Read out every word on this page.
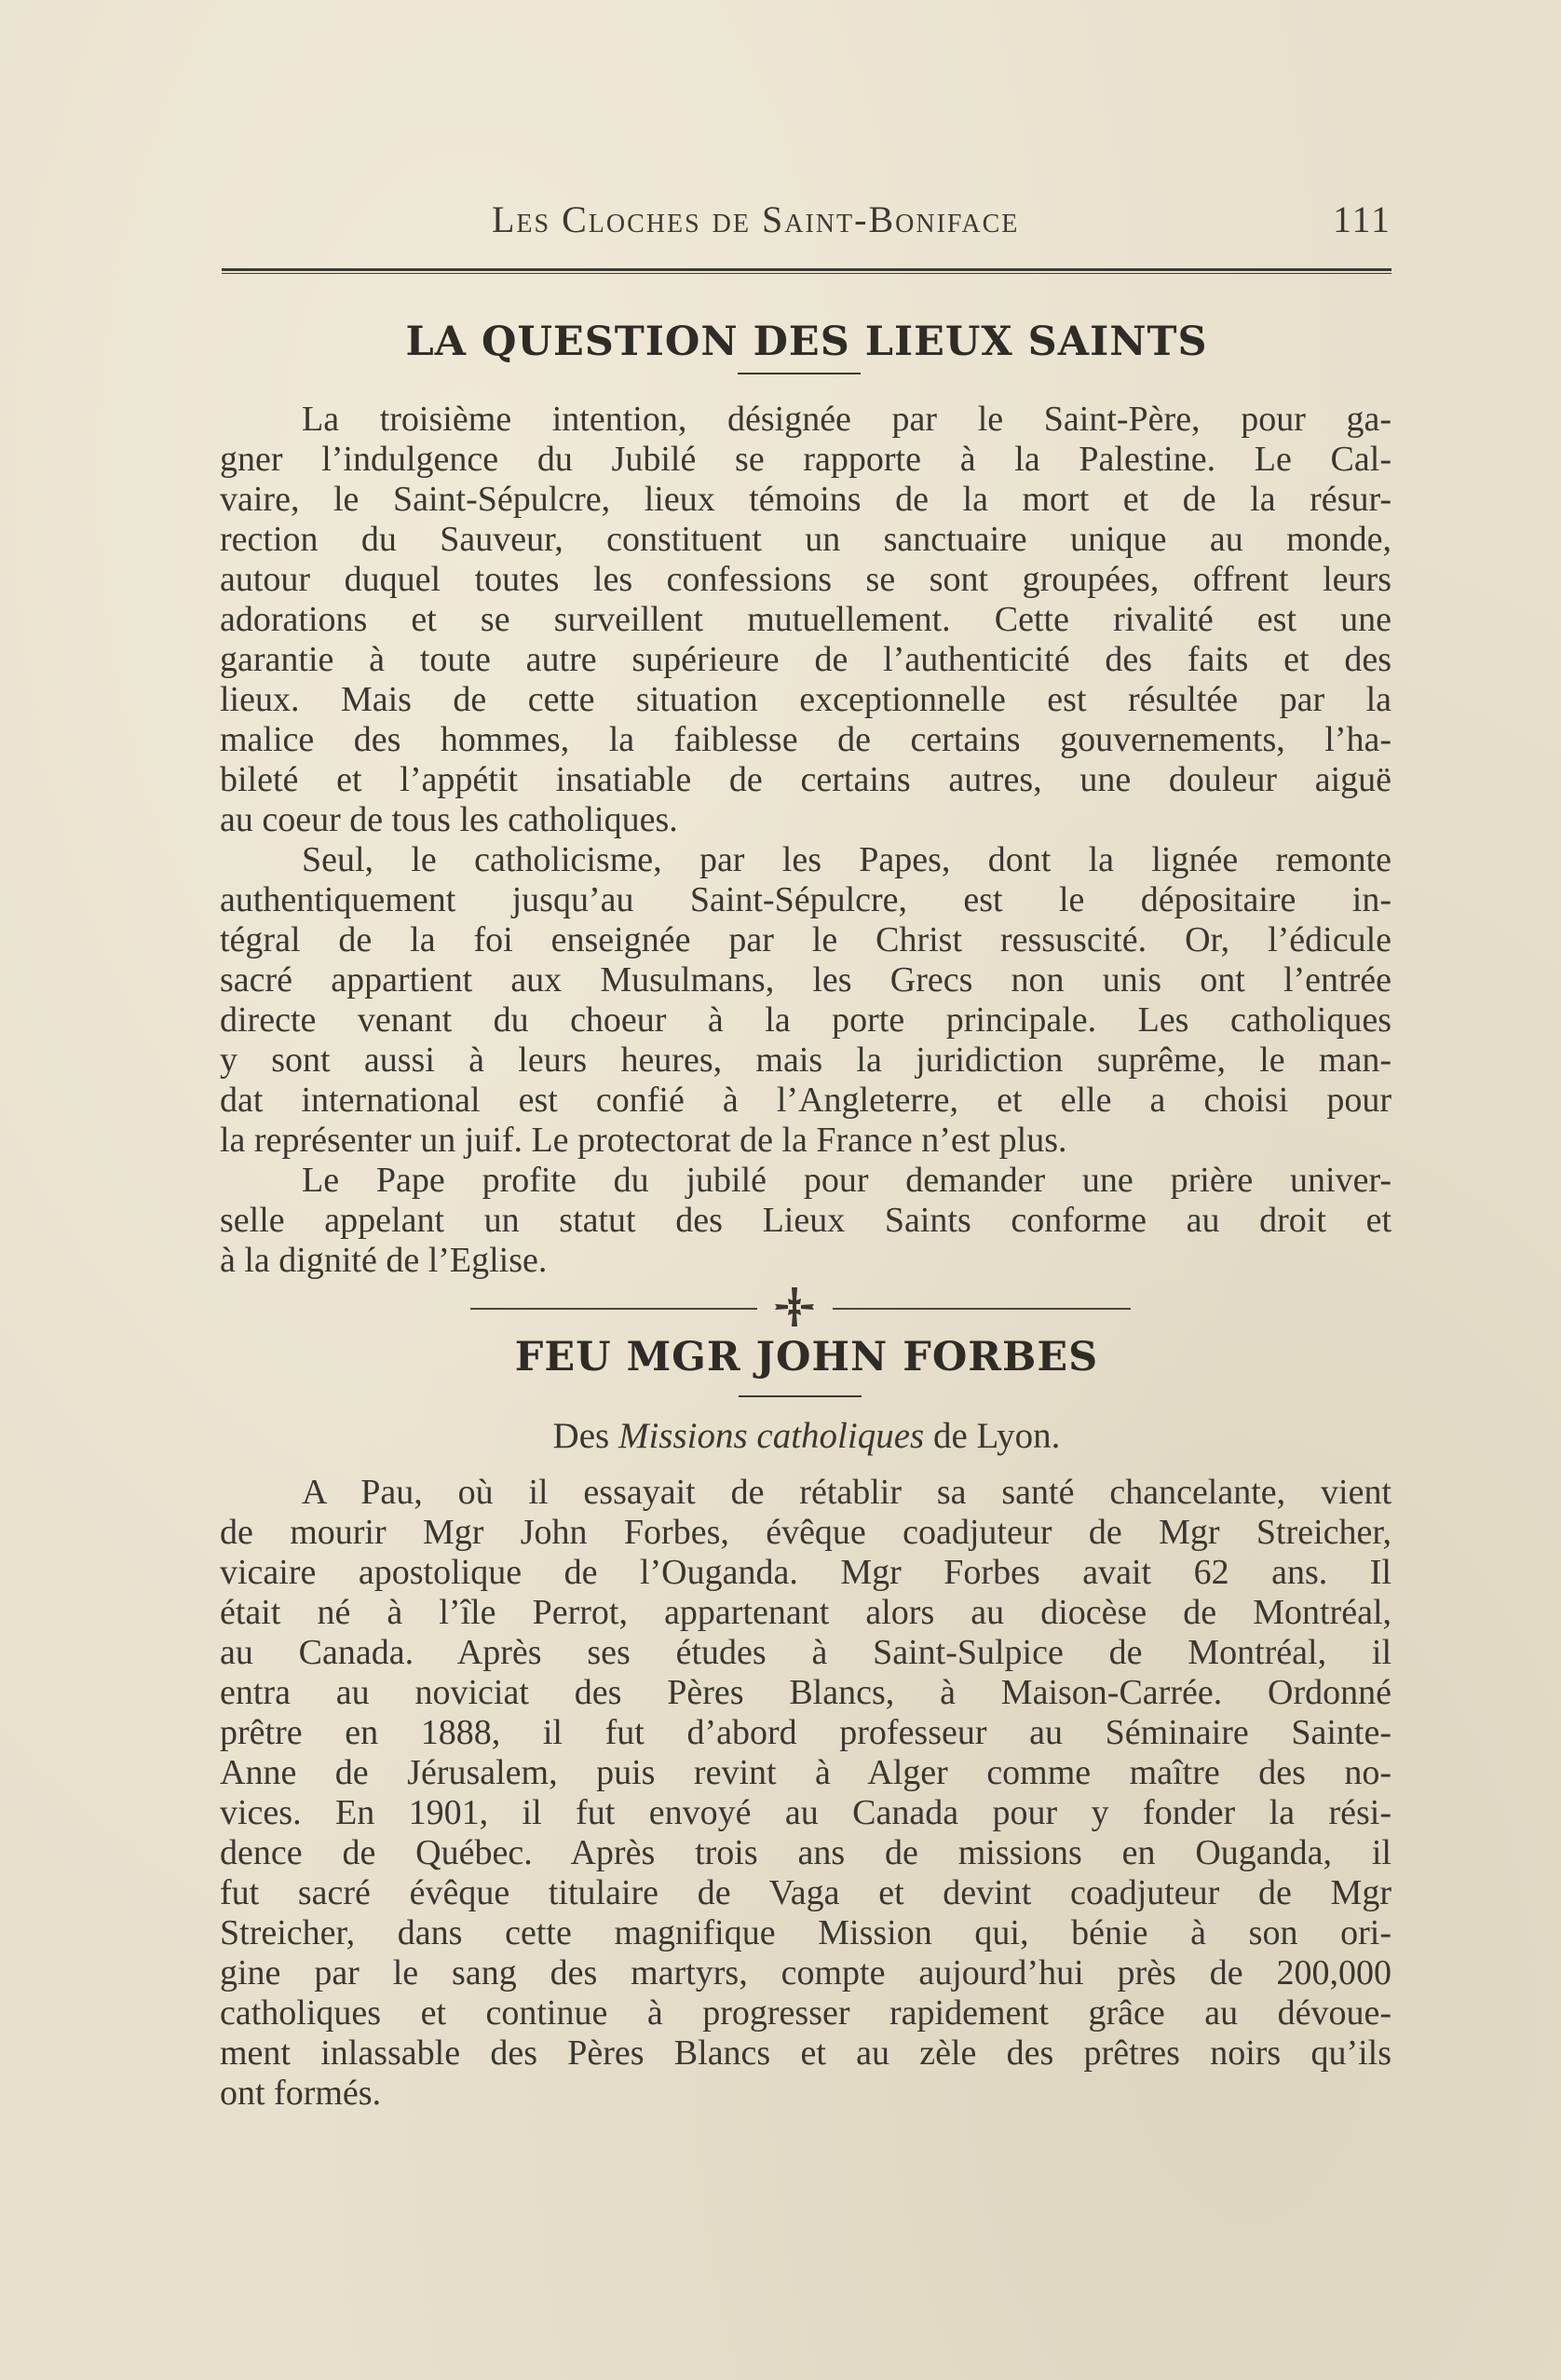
Les Cloches de Saint-Boniface	111
LA QUESTION DES LIEUX SAINTS
La troisième intention, désignée par le Saint-Père, pour ga-
gner l’indulgence du Jubilé se rapporte à la Palestine. Le Cal-
vaire, le Saint-Sépulcre, lieux témoins de la mort et de la résur-
rection du Sauveur, constituent un sanctuaire unique au monde,
autour duquel toutes les confessions se sont groupées, offrent leurs
adorations et se surveillent mutuellement. Cette rivalité est une
garantie à toute autre supérieure de l’authenticité des faits et des
lieux. Mais de cette situation exceptionnelle est résultée par la
malice des hommes, la faiblesse de certains gouvernements, l’ha-
bileté et l’appétit insatiable de certains autres, une douleur aiguë
au coeur de tous les catholiques.
Seul, le catholicisme, par les Papes, dont la lignée remonte
authentiquement jusqu’au Saint-Sépulcre, est le dépositaire in-
tégral de la foi enseignée par le Christ ressuscité. Or, l’édicule
sacré appartient aux Musulmans, les Grecs non unis ont l’entrée
directe venant du choeur à la porte principale. Les catholiques
y sont aussi à leurs heures, mais la juridiction suprême, le man-
dat international est confié à l’Angleterre, et elle a choisi pour
la représenter un juif. Le protectorat de la France n’est plus.
Le Pape profite du jubilé pour demander une prière univer-
selle appelant un statut des Lieux Saints conforme au droit et
à la dignité de l’Eglise.
FEU MGR JOHN FORBES
Des Missions catholiques de Lyon.
A Pau, où il essayait de rétablir sa santé chancelante, vient
de mourir Mgr John Forbes, évêque coadjuteur de Mgr Streicher,
vicaire apostolique de l’Ouganda. Mgr Forbes avait 62 ans. Il
était né à l’île Perrot, appartenant alors au diocèse de Montréal,
au Canada. Après ses études à Saint-Sulpice de Montréal, il
entra au noviciat des Pères Blancs, à Maison-Carrée. Ordonné
prêtre en 1888, il fut d’abord professeur au Séminaire Sainte-
Anne de Jérusalem, puis revint à Alger comme maître des no-
vices. En 1901, il fut envoyé au Canada pour y fonder la rési-
dence de Québec. Après trois ans de missions en Ouganda, il
fut sacré évêque titulaire de Vaga et devint coadjuteur de Mgr
Streicher, dans cette magnifique Mission qui, bénie à son ori-
gine par le sang des martyrs, compte aujourd’hui près de 200,000
catholiques et continue à progresser rapidement grâce au dévoue-
ment inlassable des Pères Blancs et au zèle des prêtres noirs qu’ils
ont formés.
